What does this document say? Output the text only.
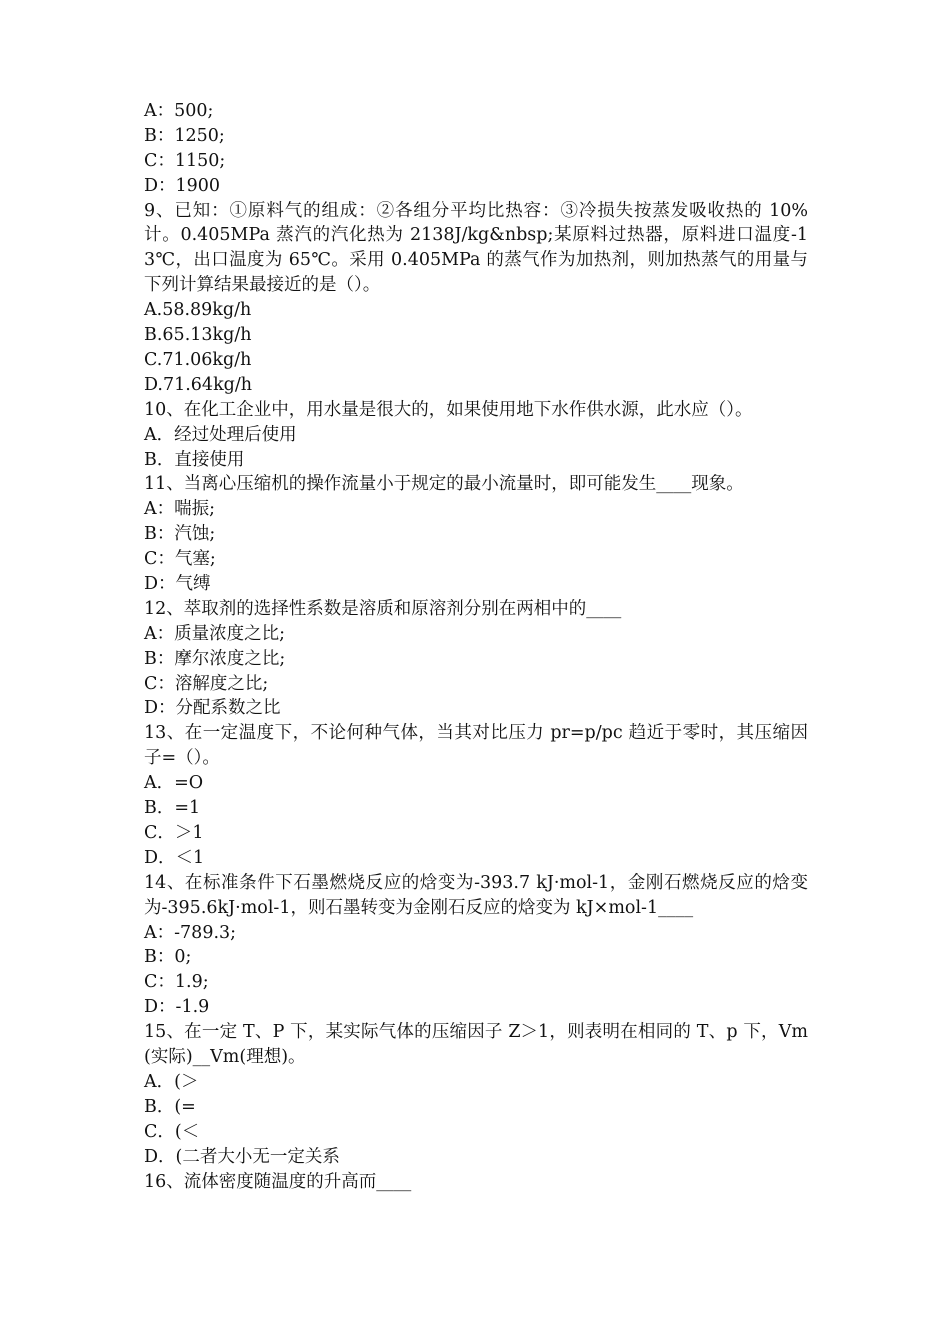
A：500;
B：1250;
C：1150;
D：1900
9、已知：①原料气的组成：②各组分平均比热容：③冷损失按蒸发吸收热的 10%计。0.405MPa 蒸汽的汽化热为 2138J/kg&nbsp;某原料过热器，原料进口温度-13℃，出口温度为 65℃。采用 0.405MPa 的蒸气作为加热剂，则加热蒸气的用量与下列计算结果最接近的是（）。
A.58.89kg/h
B.65.13kg/h
C.71.06kg/h
D.71.64kg/h
10、在化工企业中，用水量是很大的，如果使用地下水作供水源，此水应（）。
A．经过处理后使用
B．直接使用
11、当离心压缩机的操作流量小于规定的最小流量时，即可能发生____现象。
A：喘振;
B：汽蚀;
C：气塞;
D：气缚
12、萃取剂的选择性系数是溶质和原溶剂分别在两相中的____
A：质量浓度之比;
B：摩尔浓度之比;
C：溶解度之比;
D：分配系数之比
13、在一定温度下，不论何种气体，当其对比压力 pr=p/pc 趋近于零时，其压缩因子=（）。
A．=O
B．=1
C．＞1
D．＜1
14、在标准条件下石墨燃烧反应的焓变为-393.7 kJ·mol-1，金刚石燃烧反应的焓变为-395.6kJ·mol-1，则石墨转变为金刚石反应的焓变为 kJ×mol-1____
A：-789.3;
B：0;
C：1.9;
D：-1.9
15、在一定 T、P 下，某实际气体的压缩因子 Z＞1，则表明在相同的 T、p 下，Vm(实际)__Vm(理想)。
A．(＞
B．(=
C．(＜
D．(二者大小无一定关系
16、流体密度随温度的升高而____
